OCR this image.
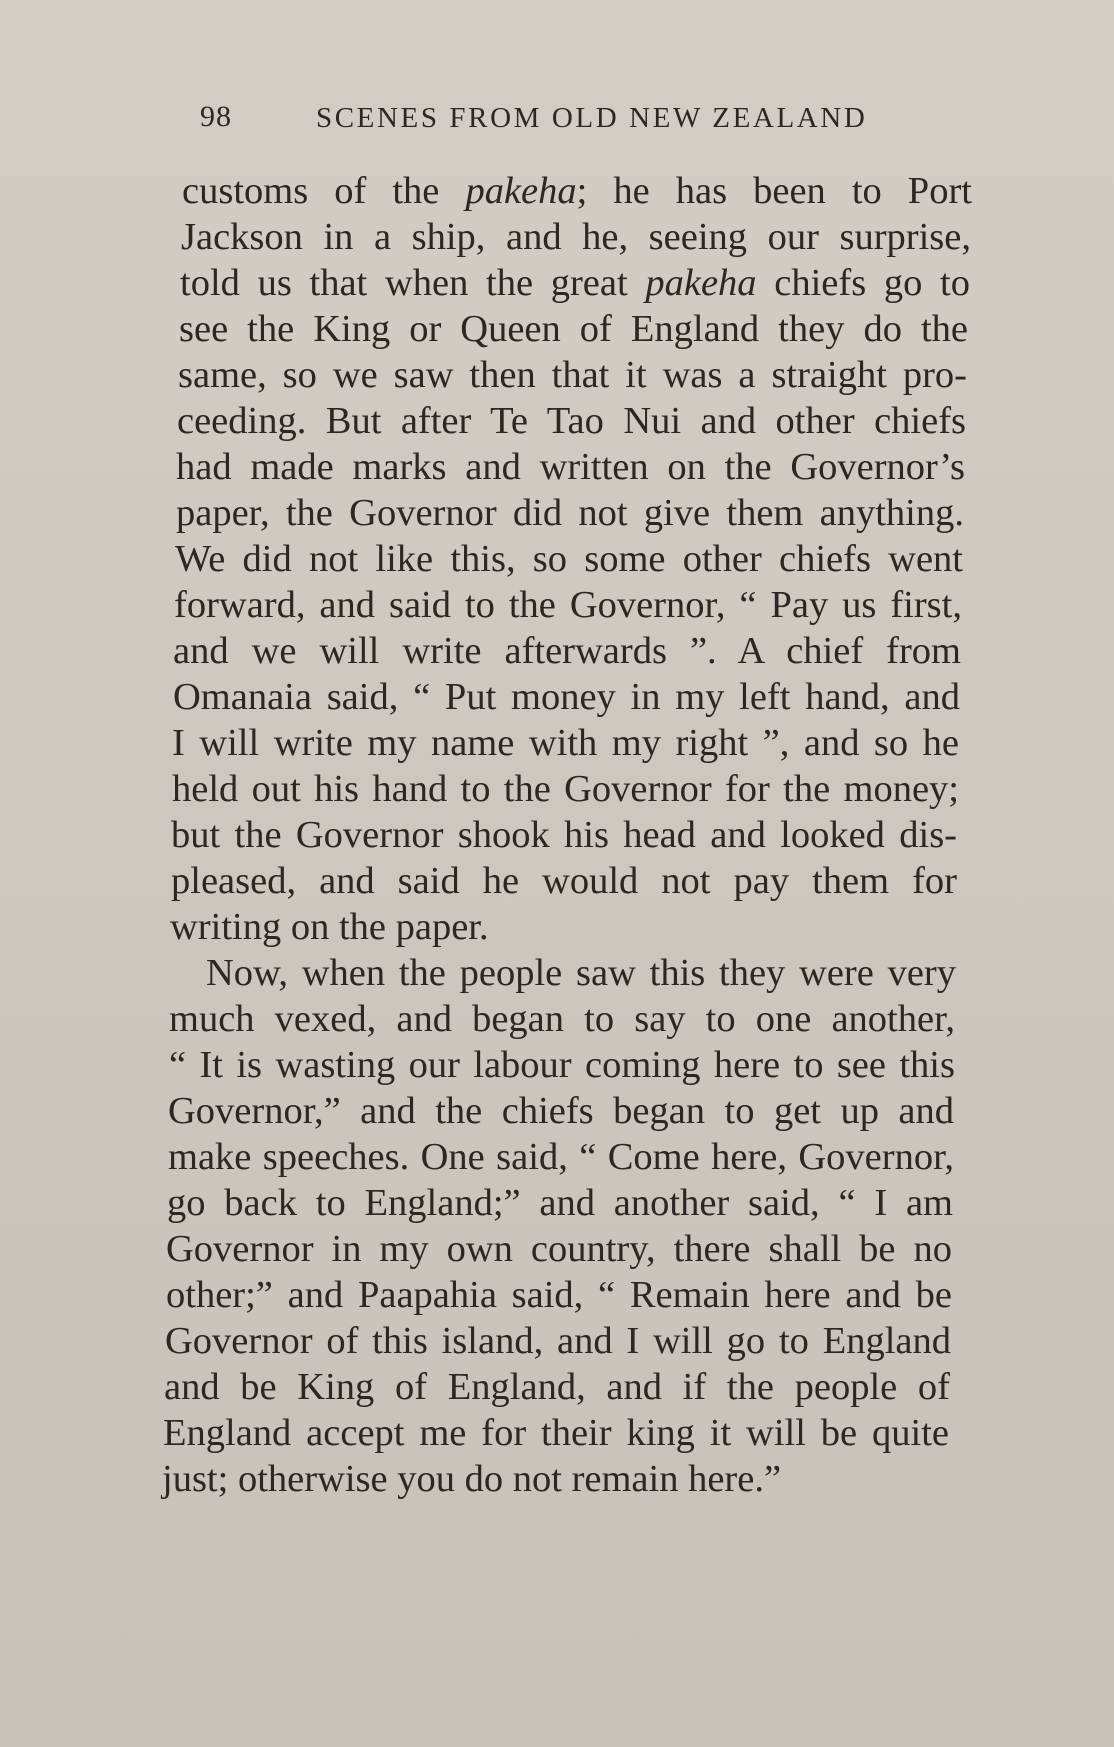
98	SCENES FROM OLD NEW ZEALAND
customs of the pakeha; he has been to Port
Jackson in a ship, and he, seeing our surprise,
told us that when the great pakeha chiefs go to
see the King or Queen of England they do the
same, so we saw then that it was a straight pro-
ceeding. But after Te Tao Nui and other chiefs
had made marks and written on the Governor’s
paper, the Governor did not give them anything.
We did not like this, so some other chiefs went
forward, and said to the Governor, “ Pay us first,
and we will write afterwards ”. A chief from
Omanaia said, “ Put money in my left hand, and
I will write my name with my right ”, and so he
held out his hand to the Governor for the money;
but the Governor shook his head and looked dis-
pleased, and said he would not pay them for
writing on the paper.
Now, when the people saw this they were very
much vexed, and began to say to one another,
“ It is wasting our labour coming here to see this
Governor,” and the chiefs began to get up and
make speeches. One said, “ Come here, Governor,
go back to England;” and another said, “ I am
Governor in my own country, there shall be no
other;” and Paapahia said, “ Remain here and be
Governor of this island, and I will go to England
and be King of England, and if the people of
England accept me for their king it will be quite
just; otherwise you do not remain here.”
